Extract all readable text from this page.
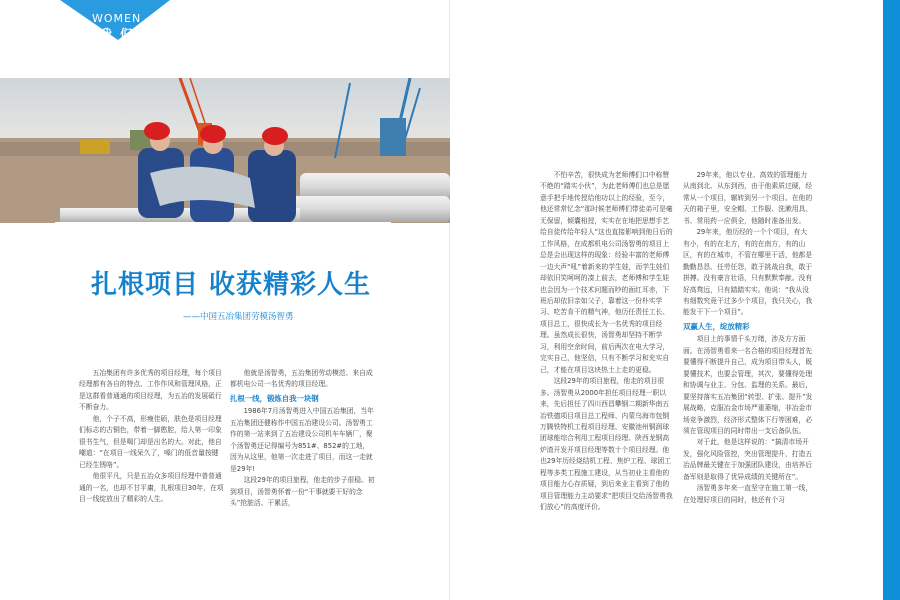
WOMEN
我 们
扎根项目 收获精彩人生
——中国五冶集团劳模汤智勇

五冶集团有许多优秀的项目经理，每个项目经理都有各自的特点、工作作风和管理风格，正是这群看普通通的项目经理，为五冶的发展砥行不断奋力。

他，个子不高，形瘦佳硕，肤色是项目经理们标志的古铜色，带着一脚憨腔，给人第一印象很书生气，但是喝门却是出名的大。对此，他自嘲道：“在项目一线呆久了，嗓门的低音量按键已经生锈咯”。

他很平凡，只是五冶众多项目经理中普普通通的一名，也却不甘平庸，扎根项目30年，在项目一线绽放出了精彩的人生。

他就是汤智勇，五冶集团劳动模范、来自成都机电公司一名优秀的项目经理。

扎根一线，锻炼自我一块钢

1986年7月汤智勇进入中国五冶集团，当年五冶集团还健称作中国五冶建设公司。汤智勇工作的第一站来到了五冶建设公司机车车辆厂，聚个汤智勇还记得编号为851#、852#的工地，因为从这里，他第一次走进了项目，而这一走就是29年!

这段29年的项目旅程，他走的步子很稳。初到项目，汤智勇怀着一份“干事就要干好的念头”抢脏活、干累活，

不怕辛苦，很快成为老师傅们口中称赞不绝的“踏实小伙”，为此老师傅们也总是愿意手把手地传授给他功以上的经验，至今，他还常常忆念“那时候老师傅们带徒弟可是毫无保留，倾囊相授，实实在在地把思想手艺给自徒传给年轻人”这也直接影响到他日后的工作风格，在成都机电公司汤智勇的项目上总是会出现这样的现象：经验丰富的老师傅一边大声“吼”着新来的学生娃，而学生娃们却依旧笑呵呵的凑上前去，老师傅和学生娃也会因为一个技术问题而吵的面红耳赤，下班后却依旧亲如父子，靠着这一份朴实学习、吃苦肯干的精气神，他历任责任工长、项目总工，很快成长为一名优秀的项目经理。虽然成长很快，汤智勇却坚持不断学习，利用空余时间，前后两次在电大学习，完实自己，他坚信，只有不断学习和充实自己，才能在项目这块热土上走的更稳。

这段29年的项目旅程，他走的项目很多。汤智勇从2000年担任项目经理一职以来，先后担任了四川西昌攀钢二期新华南五冶铁德项目项目总工程师、内蒙乌海市包钢万腾铁特机工程项目经理、安徽池州铜润球团球能综合利用工程项目经理、陕西龙钢高炉渣开发开项目经理等数十个项目经理。他也29年历经烧结机工程、焦炉工程、球团工程等多类工程施工建设，从当初业主看他的项目能力心存质疑，到后来业主看到了他的项目管理能力主动要求“把项目交给汤智勇我们放心”的高度评价。

29年来，他以专业、高效的管理能力从南到北、从东到西，由于他素质过硬，经常从一个项目，辗转到另一个项目。在他的天的箱子里，安全帽、工作服、洗漱用具、书、常用药一应俱全，他随时准备出发。

29年来，他历经的一个个项目，有大有小，有的在北方，有的在南方，有的山区，有的在城市，不管在哪里干活，他都是勤勤恳恳、任劳任怨，敢于挑战自我，敢于拼搏。没有豪言壮语，只有默默奉献。没有好高骛远，只有踏踏实实。他说：“我从没有细数究竟干过多少个项目，我只关心，我能发干下一个项目”。

双赢人生，绽放精彩

项目上的事情千头万绪，涉及方方面面。在汤智勇看来一名合格的项目经理首先要懂得不断提升自己，成为项目带头人，既要懂技术，也要会管理，其次，要懂得处理和协调与业主、分包、监理的关系。最后，要坚持落实五冶集团“转型、扩张、提升”发展战略，克服冶金市场严重萎缩，非冶金市场竞争激烈，经济形式整体下行等困难，必须在管现项目的同时带出一支后备队伍。

对于此，他是这样说的：“搞清市场开发，强化风险管控，突出管理提升，打造五冶品牌最关键在于加强团队建设，由培养后备军则是取得了优异成绩的关键所在”。

汤智勇多年来一直坚守在施工第一线，在处理好项目的同时，他还有个习
